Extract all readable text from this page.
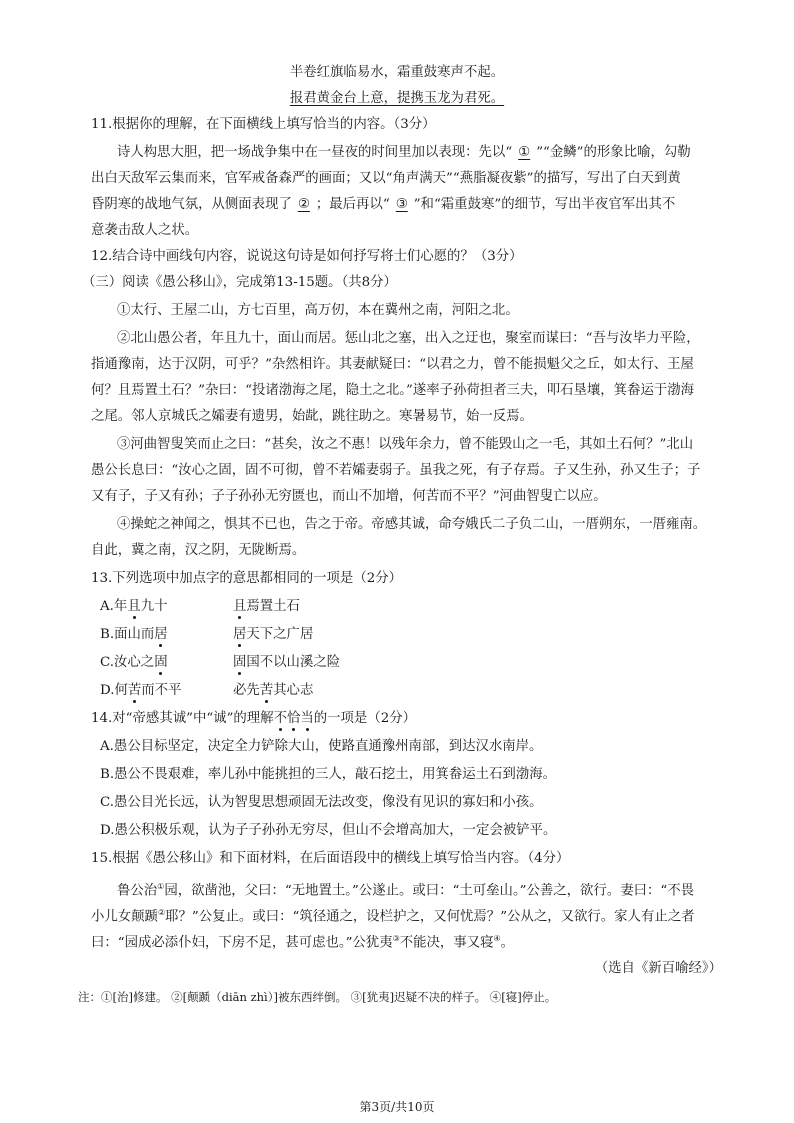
半卷红旗临易水，霜重鼓寒声不起。
报君黄金台上意，提携玉龙为君死。
11.根据你的理解，在下面横线上填写恰当的内容。（3分）
诗人构思大胆，把一场战争集中在一昼夜的时间里加以表现：先以“ ① ”“金鳞”的形象比喻，勾勒
出白天敌军云集而来，官军戒备森严的画面；又以“角声满天”“燕脂凝夜紫”的描写，写出了白天到黄
昏阴寒的战地气氛，从侧面表现了 ② ；最后再以“ ③ ”和“霜重鼓寒”的细节，写出半夜官军出其不
意袭击敌人之状。
12.结合诗中画线句内容，说说这句诗是如何抒写将士们心愿的？（3分）
（三）阅读《愚公移山》，完成第13-15题。（共8分）
①太行、王屋二山，方七百里，高万仞，本在冀州之南，河阳之北。
②北山愚公者，年且九十，面山而居。惩山北之塞，出入之迂也，聚室而谋曰：“吾与汝毕力平险，
指通豫南，达于汉阴，可乎？”杂然相许。其妻献疑曰：“以君之力，曾不能损魁父之丘，如太行、王屋
何？且焉置土石？”杂曰：“投诸渤海之尾，隐土之北。”遂率子孙荷担者三夫，叩石垦壤，箕畚运于渤海
之尾。邻人京城氏之孀妻有遗男，始龀，跳往助之。寒暑易节，始一反焉。
③河曲智叟笑而止之曰：“甚矣，汝之不惠！以残年余力，曾不能毁山之一毛，其如土石何？”北山
愚公长息曰：“汝心之固，固不可彻，曾不若孀妻弱子。虽我之死，有子存焉。子又生孙，孙又生子；子
又有子，子又有孙；子子孙孙无穷匮也，而山不加增，何苦而不平？”河曲智叟亡以应。
④操蛇之神闻之，惧其不已也，告之于帝。帝感其诚，命夸娥氏二子负二山，一厝朔东，一厝雍南。
自此，冀之南，汉之阴，无陇断焉。
13.下列选项中加点字的意思都相同的一项是（2分）
A.年且九十	且焉置土石
B.面山而居	居天下之广居
C.汝心之固	固国不以山溪之险
D.何苦而不平	必先苦其心志
14.对“帝感其诚”中“诚”的理解不恰当的一项是（2分）
A.愚公目标坚定，决定全力铲除大山，使路直通豫州南部，到达汉水南岸。
B.愚公不畏艰难，率儿孙中能挑担的三人，敲石挖土，用箕畚运土石到渤海。
C.愚公目光长远，认为智叟思想顽固无法改变，像没有见识的寡妇和小孩。
D.愚公积极乐观，认为子子孙孙无穷尽，但山不会增高加大，一定会被铲平。
15.根据《愚公移山》和下面材料，在后面语段中的横线上填写恰当内容。（4分）
鲁公治①园，欲凿池，父曰：“无地置土。”公遂止。或曰：“土可垒山。”公善之，欲行。妻曰：“不畏
小儿女颠踬②耶？”公复止。或曰：“筑径通之，设栏护之，又何忧焉？”公从之，又欲行。家人有止之者
曰：“园成必添仆妇，下房不足，甚可虑也。”公犹夷③不能决，事又寝④。
（选自《新百喻经》）
注：①[治]修建。 ②[颠踬（diān zhì）]被东西绊倒。 ③[犹夷]迟疑不决的样子。 ④[寝]停止。
第3页/共10页
